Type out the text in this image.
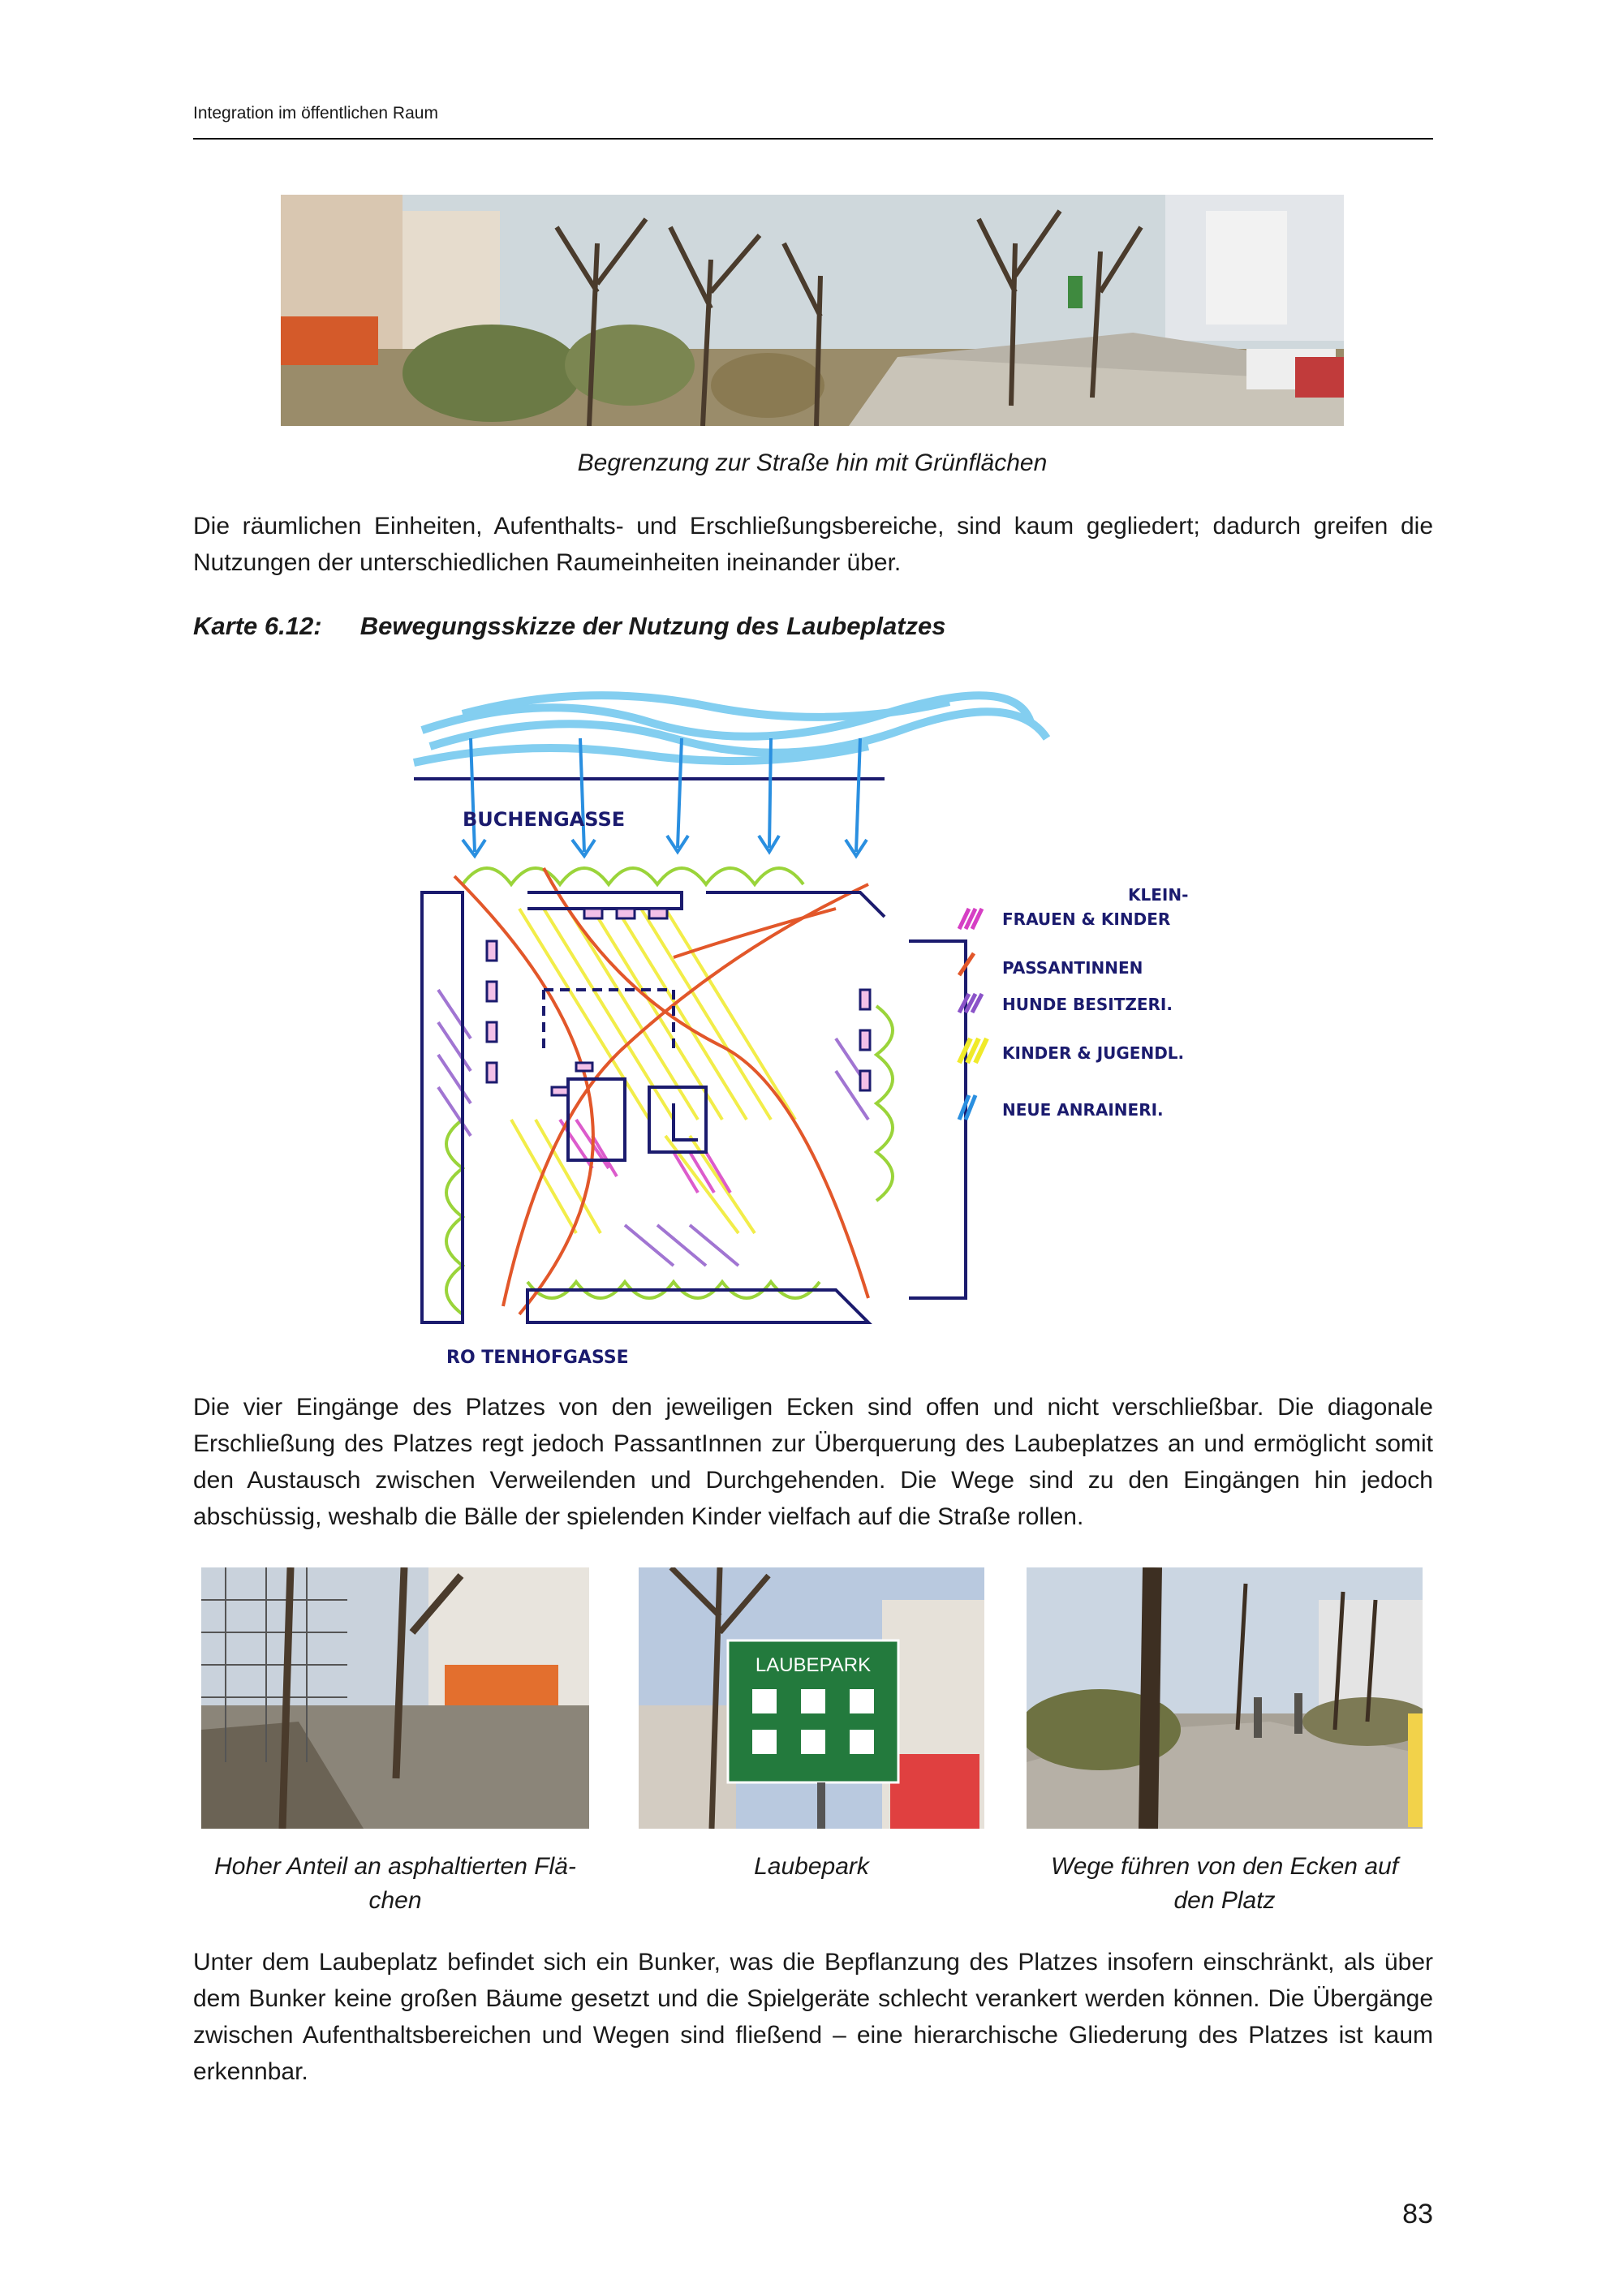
Integration im öffentlichen Raum
Begrenzung zur Straße hin mit Grünflächen
Die räumlichen Einheiten, Aufenthalts- und Erschließungsbereiche, sind kaum gegliedert; dadurch greifen die Nutzungen der unterschiedlichen Raumeinheiten ineinander über.
Karte 6.12: Bewegungsskizze der Nutzung des Laubeplatzes
BUCHENGASSE
RO TENHOFGASSE
KLEIN-
FRAUEN & KINDER
PASSANTINNEN
HUNDE BESITZERI.
KINDER & JUGENDL.
NEUE ANRAINERI.
Die vier Eingänge des Platzes von den jeweiligen Ecken sind offen und nicht verschließbar. Die diagonale Erschließung des Platzes regt jedoch PassantInnen zur Überquerung des Laubeplatzes an und ermöglicht somit den Austausch zwischen Verweilenden und Durchgehenden. Die Wege sind zu den Eingängen hin jedoch abschüssig, weshalb die Bälle der spielenden Kinder vielfach auf die Straße rollen.
LAUBEPARK
Hoher Anteil an asphaltierten Flä-
chen
Laubepark	Wege führen von den Ecken auf
den Platz
Unter dem Laubeplatz befindet sich ein Bunker, was die Bepflanzung des Platzes insofern einschränkt, als über dem Bunker keine großen Bäume gesetzt und die Spielgeräte schlecht verankert werden können. Die Übergänge zwischen Aufenthaltsbereichen und Wegen sind fließend – eine hierarchische Gliederung des Platzes ist kaum erkennbar.
83
